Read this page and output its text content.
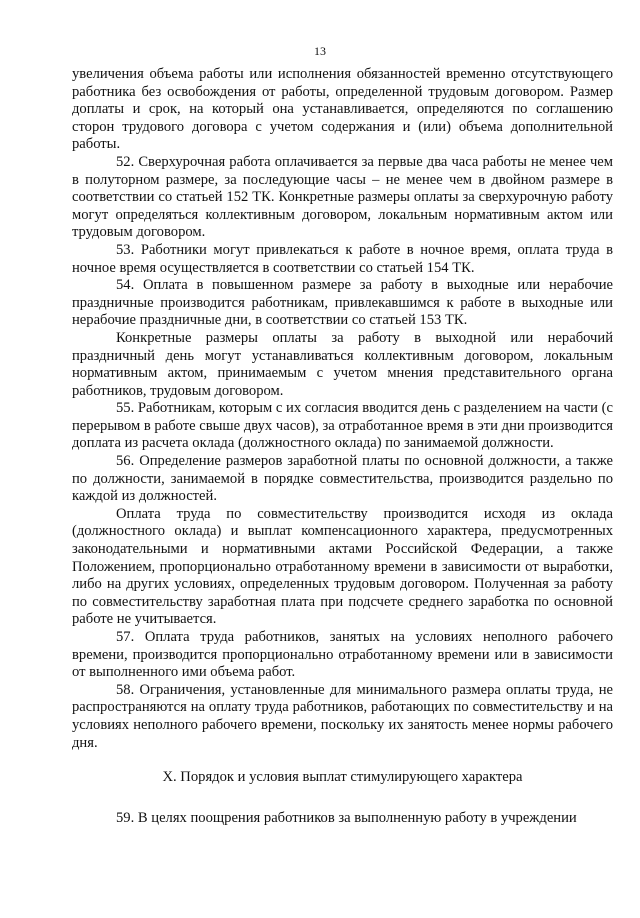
13

увеличения объема работы или исполнения обязанностей временно отсутствующего работника без освобождения от работы, определенной трудовым договором. Размер доплаты и срок, на который она устанавливается, определяются по соглашению сторон трудового договора с учетом содержания и (или) объема дополнительной работы.

52. Сверхурочная работа оплачивается за первые два часа работы не менее чем в полуторном размере, за последующие часы – не менее чем в двойном размере в соответствии со статьей 152 ТК. Конкретные размеры оплаты за сверхурочную работу могут определяться коллективным договором, локальным нормативным актом или трудовым договором.

53. Работники могут привлекаться к работе в ночное время, оплата труда в ночное время осуществляется в соответствии со статьей 154 ТК.

54. Оплата в повышенном размере за работу в выходные или нерабочие праздничные производится работникам, привлекавшимся к работе в выходные или нерабочие праздничные дни, в соответствии со статьей 153 ТК.

Конкретные размеры оплаты за работу в выходной или нерабочий праздничный день могут устанавливаться коллективным договором, локальным нормативным актом, принимаемым с учетом мнения представительного органа работников, трудовым договором.

55. Работникам, которым с их согласия вводится день с разделением на части (с перерывом в работе свыше двух часов), за отработанное время в эти дни производится доплата из расчета оклада (должностного оклада) по занимаемой должности.

56. Определение размеров заработной платы по основной должности, а также по должности, занимаемой в порядке совместительства, производится раздельно по каждой из должностей.

Оплата труда по совместительству производится исходя из оклада (должностного оклада) и выплат компенсационного характера, предусмотренных законодательными и нормативными актами Российской Федерации, а также Положением, пропорционально отработанному времени в зависимости от выработки, либо на других условиях, определенных трудовым договором. Полученная за работу по совместительству заработная плата при подсчете среднего заработка по основной работе не учитывается.

57. Оплата труда работников, занятых на условиях неполного рабочего времени, производится пропорционально отработанному времени или в зависимости от выполненного ими объема работ.

58. Ограничения, установленные для минимального размера оплаты труда, не распространяются на оплату труда работников, работающих по совместительству и на условиях неполного рабочего времени, поскольку их занятость менее нормы рабочего дня.

X. Порядок и условия выплат стимулирующего характера

59. В целях поощрения работников за выполненную работу в учреждении
